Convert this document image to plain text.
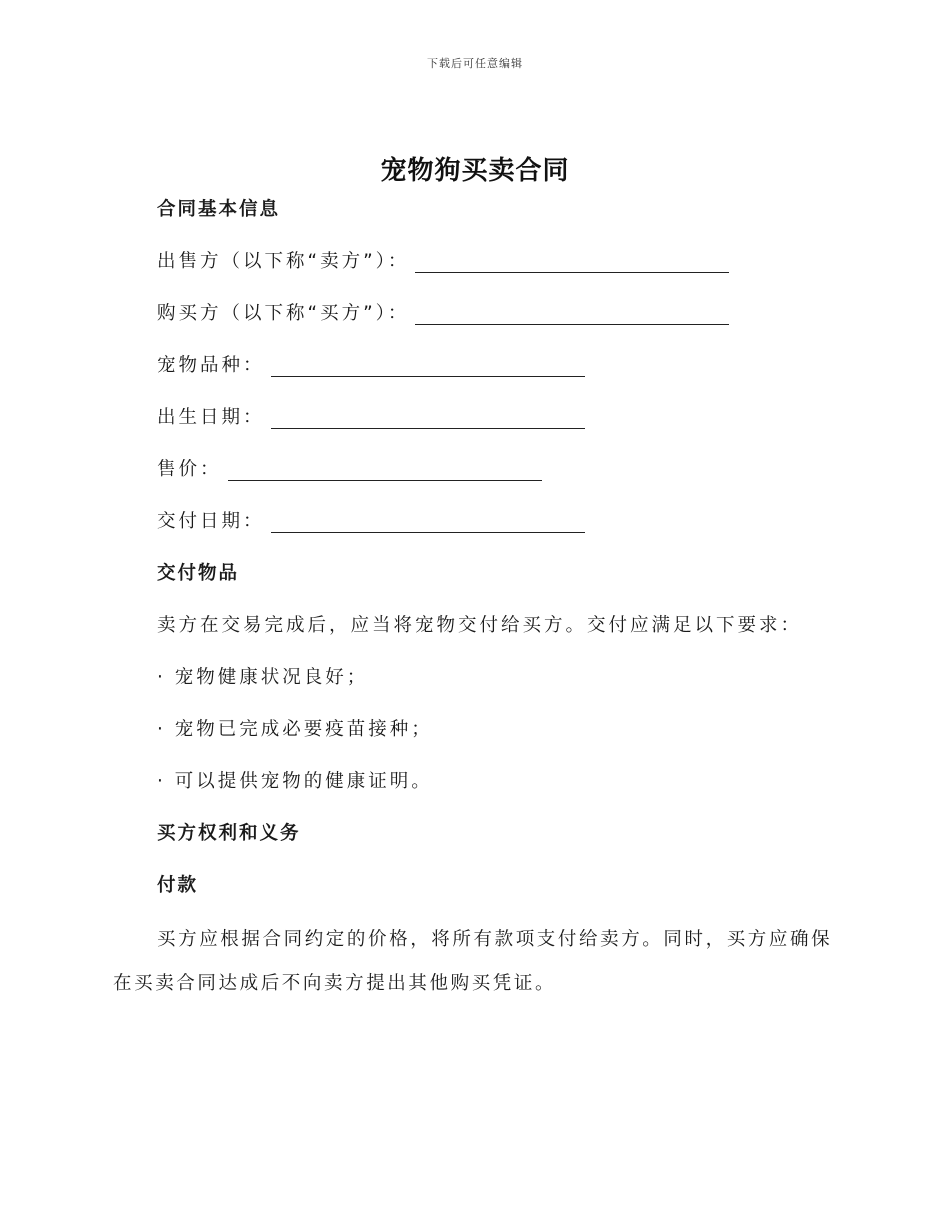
下载后可任意编辑
宠物狗买卖合同
合同基本信息
出售方（以下称“卖方”）：
购买方（以下称“买方”）：
宠物品种：
出生日期：
售价：
交付日期：
交付物品
卖方在交易完成后，应当将宠物交付给买方。交付应满足以下要求：
· 宠物健康状况良好；
· 宠物已完成必要疫苗接种；
· 可以提供宠物的健康证明。
买方权利和义务
付款
买方应根据合同约定的价格，将所有款项支付给卖方。同时，买方应确保在买卖合同达成后不向卖方提出其他购买凭证。
